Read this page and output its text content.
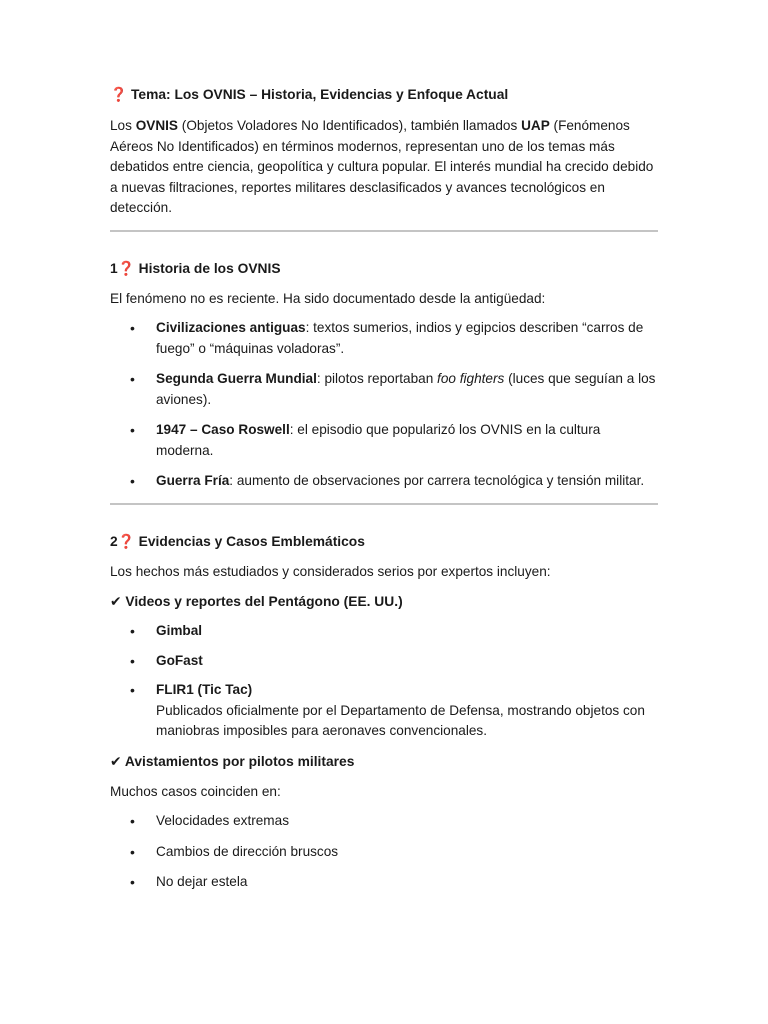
❓ Tema: Los OVNIS – Historia, Evidencias y Enfoque Actual

Los OVNIS (Objetos Voladores No Identificados), también llamados UAP (Fenómenos Aéreos No Identificados) en términos modernos, representan uno de los temas más debatidos entre ciencia, geopolítica y cultura popular. El interés mundial ha crecido debido a nuevas filtraciones, reportes militares desclasificados y avances tecnológicos en detección.

1❓ Historia de los OVNIS

El fenómeno no es reciente. Ha sido documentado desde la antigüedad:

• Civilizaciones antiguas: textos sumerios, indios y egipcios describen “carros de fuego” o “máquinas voladoras”.
• Segunda Guerra Mundial: pilotos reportaban foo fighters (luces que seguían a los aviones).
• 1947 – Caso Roswell: el episodio que popularizó los OVNIS en la cultura moderna.
• Guerra Fría: aumento de observaciones por carrera tecnológica y tensión militar.
2❓ Evidencias y Casos Emblemáticos

Los hechos más estudiados y considerados serios por expertos incluyen:

✔ Videos y reportes del Pentágono (EE. UU.)
• Gimbal
• GoFast
• FLIR1 (Tic Tac)
Publicados oficialmente por el Departamento de Defensa, mostrando objetos con maniobras imposibles para aeronaves convencionales.
✔ Avistamientos por pilotos militares

Muchos casos coinciden en:

• Velocidades extremas
• Cambios de dirección bruscos
• No dejar estela
